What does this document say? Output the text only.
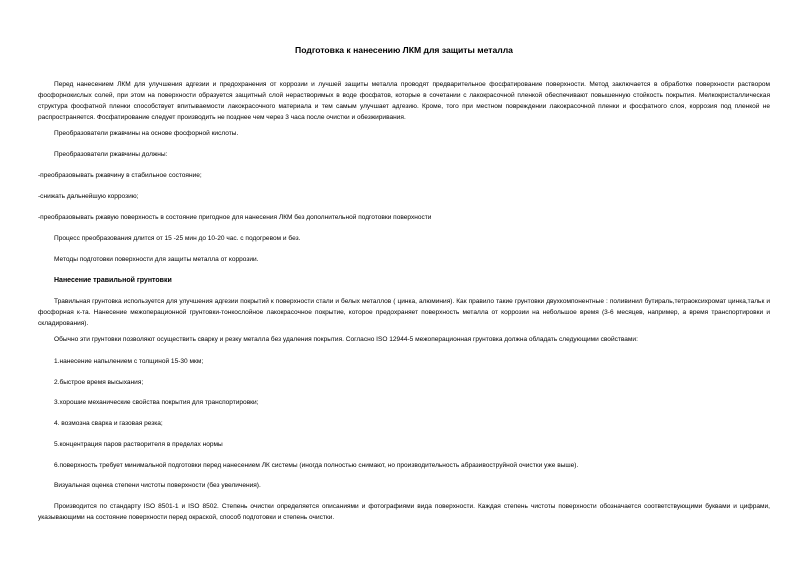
Подготовка к нанесению ЛКМ для защиты металла

Перед нанесением ЛКМ для улучшения адгезии и предохранения от коррозии и лучшей защиты металла проводят предварительное фосфатирование поверхности. Метод заключается в обработке поверхности раствором фосфорнокислых солей, при этом на поверхности образуется защитный слой нерастворимых в воде фосфатов, которые в сочетании с лакокрасочной пленкой обеспечивают повышенную стойкость покрытия. Мелкокристаллическая структура фосфатной пленки способствует впитываемости лакокрасочного материала и тем самым улучшает адгезию. Кроме, того при местном повреждении лакокрасочной пленки и фосфатного слоя, коррозия под пленкой не распространяется. Фосфатирование следует производить не позднее чем через 3 часа после очистки и обезжиривания.

Преобразователи ржавчины на основе фосфорной кислоты.

Преобразователи ржавчины должны:

-преобразовывать ржавчину в стабильное состояние;

-снижать дальнейшую коррозию;

-преобразовывать ржавую поверхность в состояние пригодное для нанесения ЛКМ без дополнительной подготовки поверхности

Процесс преобразования длится от 15 -25 мин до 10-20 час. с подогревом и без.

Методы подготовки поверхности для защиты металла от коррозии.

Нанесение травильной грунтовки

Травильная грунтовка используется для улучшения адгезии покрытий к поверхности стали и белых металлов ( цинка, алюминия). Как правило такие грунтовки двухкомпонентные : поливинил бутираль,тетраоксихромат цинка,тальк и фосфорная к-та. Нанесение межоперационной грунтовки-тонкослойное лакокрасочное покрытие, которое предохраняет поверхность металла от коррозии на небольшое время (3-6 месяцев, например, а время транспортировки и складирования).

Обычно эти грунтовки позволяют осуществить сварку и резку металла без удаления покрытия. Согласно ISO 12944-5 межоперационная грунтовка должна обладать следующими свойствами:

1.нанесение напылением с толщиной 15-30 мкм;

2.быстрое время высыхания;

3.хорошие механические свойства покрытия для транспортировки;

4. возмозна сварка и газовая резка;

5.концентрация паров растворителя в пределах нормы

6.поверхность требует минимальной подготовки перед нанесением ЛК системы (иногда полностью снимают, но производительность абразивоструйной очистки уже выше).

Визуальная оценка степени чистоты поверхности (без увеличения).

Производится по стандарту ISO 8501-1 и ISO 8502. Степень очистки определяется описаниями и фотографиями вида поверхности. Каждая степень чистоты поверхности обозначается соответствующими буквами и цифрами, указывающими на состояние поверхности перед окраской, способ подготовки и степень очистки.
